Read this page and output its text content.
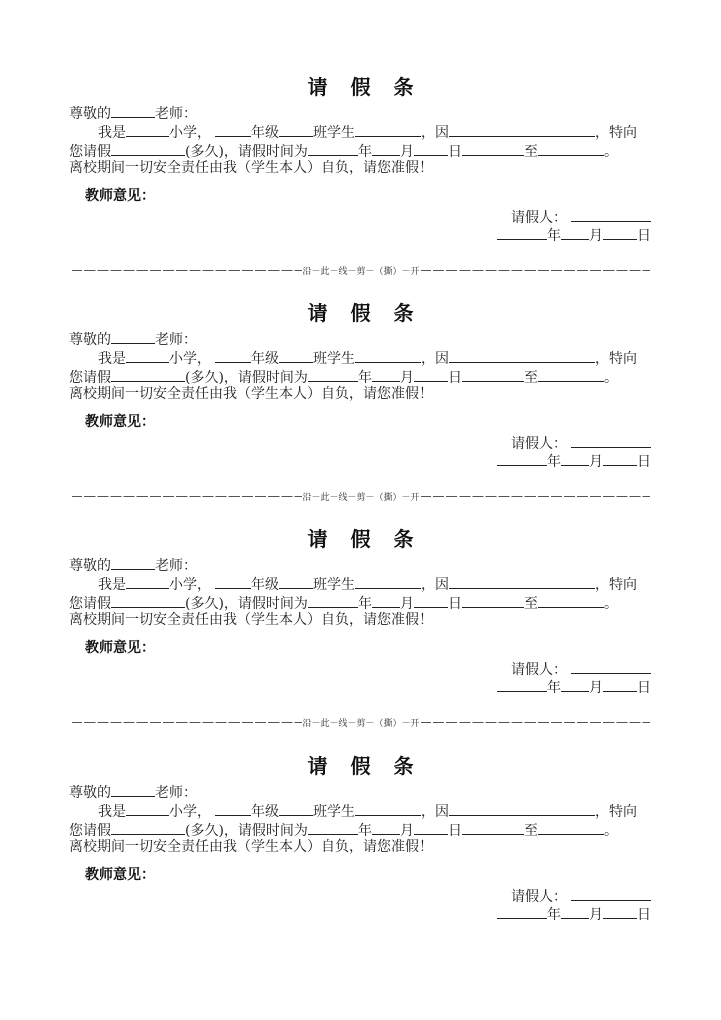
请 假 条
尊敬的	老师：
我是	小学，	年级 班学生	，因	，特向
您请假	(多久)，请假时间为	年 月 日	至	。
离校期间一切安全责任由我（学生本人）自负，请您准假！
教师意见：
请假人：
年 月 日
沿－此－线－剪－（撕）－开
请 假 条
尊敬的	老师：
我是	小学，	年级 班学生	，因	，特向
您请假	(多久)，请假时间为	年 月 日	至	。
离校期间一切安全责任由我（学生本人）自负，请您准假！
教师意见：
请假人：
年 月 日
沿－此－线－剪－（撕）－开
请 假 条
尊敬的	老师：
我是	小学，	年级 班学生	，因	，特向
您请假	(多久)，请假时间为	年 月 日	至	。
离校期间一切安全责任由我（学生本人）自负，请您准假！
教师意见：
请假人：
年 月 日
沿－此－线－剪－（撕）－开
请 假 条
尊敬的	老师：
我是	小学，	年级 班学生	，因	，特向
您请假	(多久)，请假时间为	年 月 日	至	。
离校期间一切安全责任由我（学生本人）自负，请您准假！
教师意见：
请假人：
年 月 日
